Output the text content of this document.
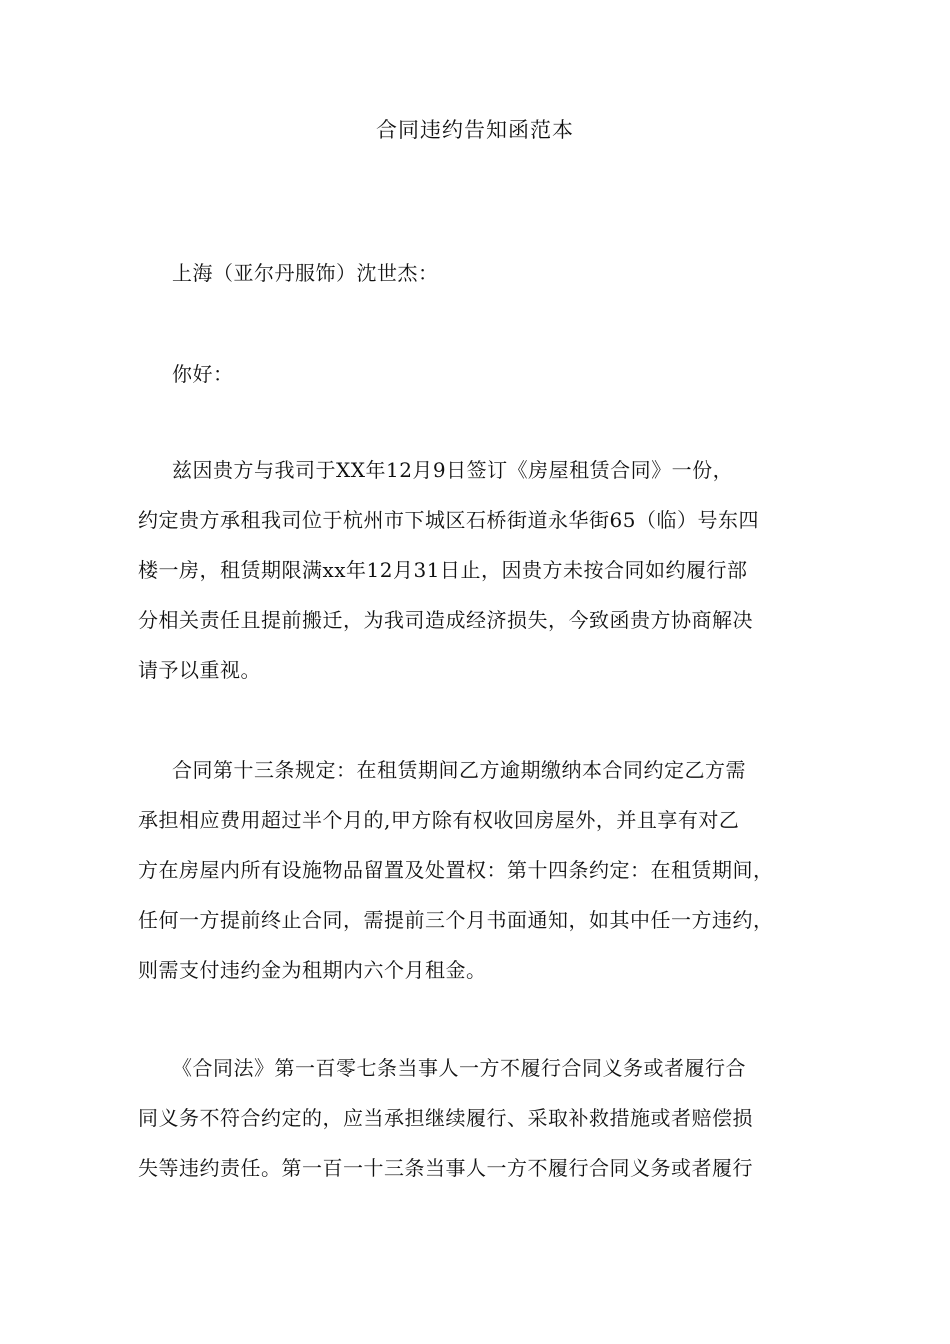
合同违约告知函范本
上海（亚尔丹服饰）沈世杰：
你好：
兹因贵方与我司于XX年12月9日签订《房屋租赁合同》一份，
约定贵方承租我司位于杭州市下城区石桥街道永华街65（临）号东四
楼一房，租赁期限满xx年12月31日止，因贵方未按合同如约履行部
分相关责任且提前搬迁，为我司造成经济损失，今致函贵方协商解决
请予以重视。
合同第十三条规定：在租赁期间乙方逾期缴纳本合同约定乙方需
承担相应费用超过半个月的,甲方除有权收回房屋外，并且享有对乙
方在房屋内所有设施物品留置及处置权：第十四条约定：在租赁期间，
任何一方提前终止合同，需提前三个月书面通知，如其中任一方违约，
则需支付违约金为租期内六个月租金。
《合同法》第一百零七条当事人一方不履行合同义务或者履行合
同义务不符合约定的，应当承担继续履行、采取补救措施或者赔偿损
失等违约责任。第一百一十三条当事人一方不履行合同义务或者履行
